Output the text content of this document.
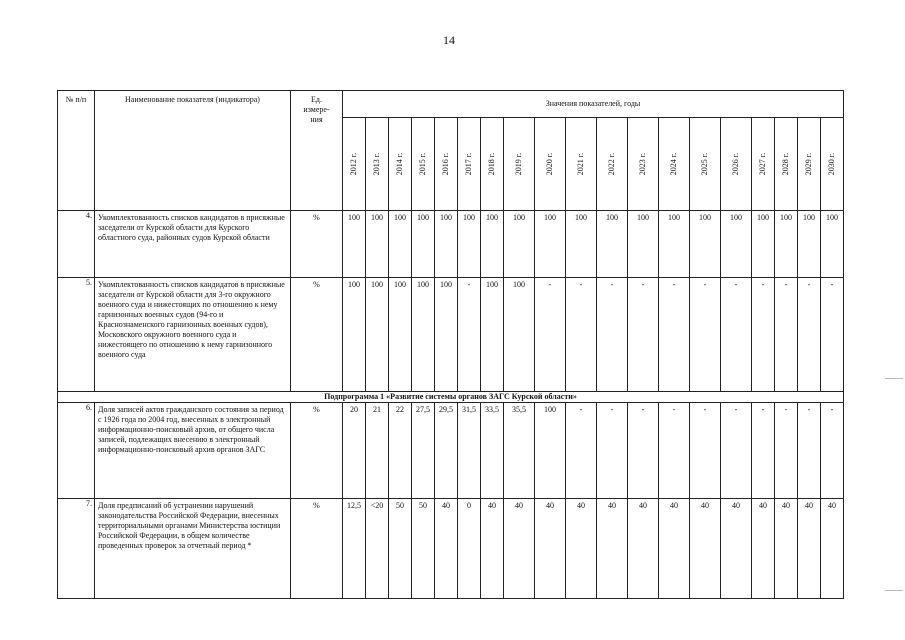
14
№ п/п	Наименование показателя (индикатора)	Ед. измере-ния	Значения показателей, годы																		

			2012 г.	2013 г.	2014 г.	2015 г.	2016 г.	2017 г.	2018 г.	2019 г.	2020 г.	2021 г.	2022 г.	2023 г.	2024 г.	2025 г.	2026 г.	2027 г.	2028 г.	2029 г.	2030 г.

4.	Укомплектованность списков кандидатов в присяжные заседатели от Курской области для Курского областного суда, районных судов Курской области	%	100	100	100	100	100	100	100	100	100	100	100	100	100	100	100	100	100	100	100
5.	Укомплектованность списков кандидатов в присяжные заседатели от Курской области для 3-го окружного военного суда и нижестоящих по отношению к нему гарнизонных военных судов (94-го и Краснознаменского гарнизонных военных судов), Московского окружного военного суда и нижестоящего по отношению к нему гарнизонного военного суда	%	100	100	100	100	100	-	100	100	-	-	-	-	-	-	-	-	-	-	-
Подпрограмма 1 «Развитие системы органов ЗАГС Курской области»																					
6.	Доля записей актов гражданского состояния за период с 1926 года по 2004 год, внесенных в электронный информационно-поисковый архив, от общего числа записей, подлежащих внесению в электронный информационно-поисковый архив органов ЗАГС	%	20	21	22	27,5	29,5	31,5	33,5	35,5	100	-	-	-	-	-	-	-	-	-	-
7.	Доля предписаний об устранении нарушений законодательства Российской Федерации, внесенных территориальными органами Министерства юстиции Российской Федерации, в общем количестве проведенных проверок за отчетный период *	%	12,5	<20	50	50	40	0	40	40	40	40	40	40	40	40	40	40	40	40	40
